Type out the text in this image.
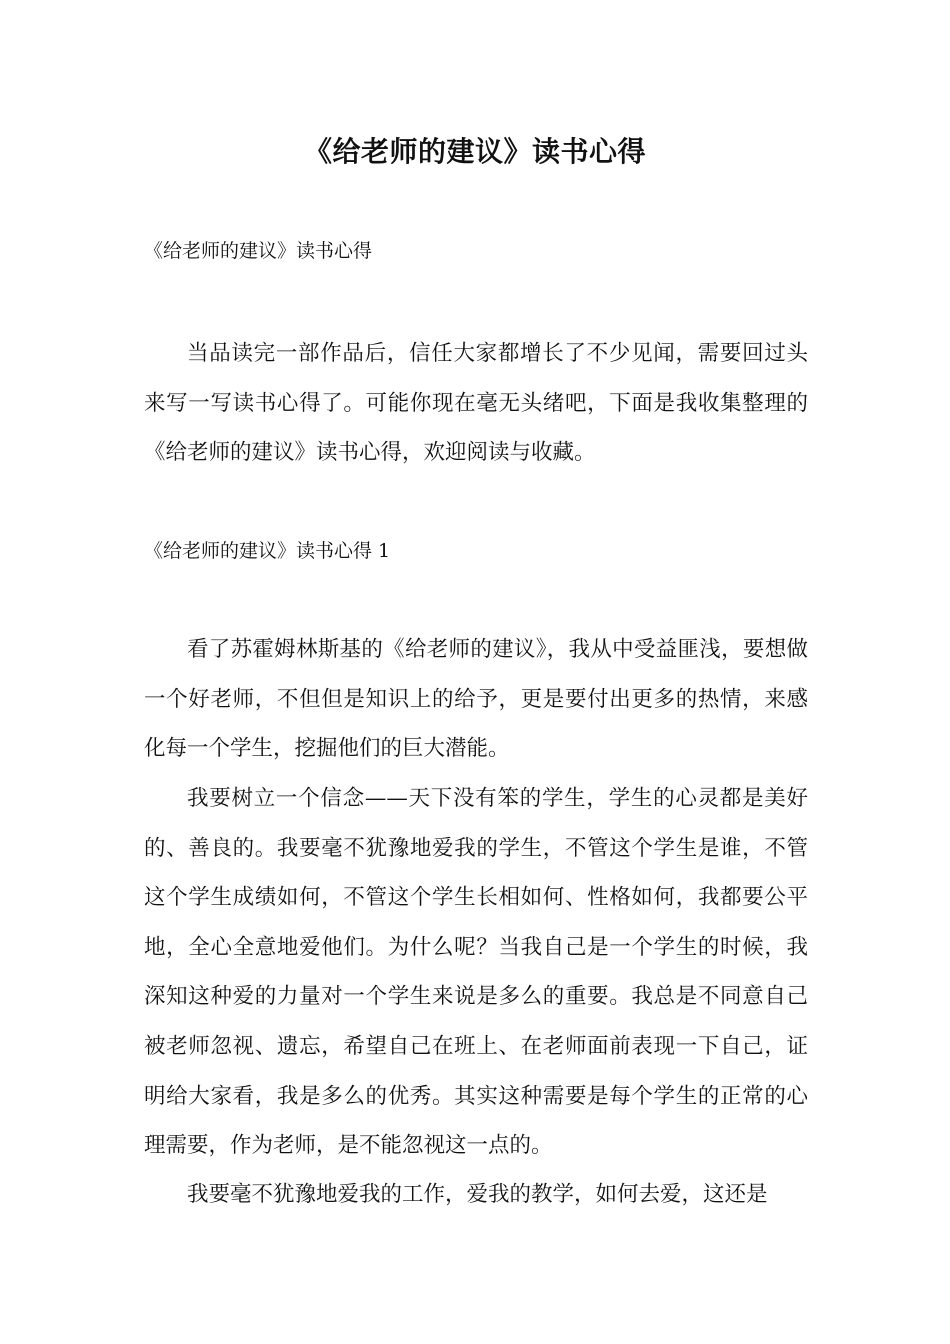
《给老师的建议》读书心得
《给老师的建议》读书心得

当品读完一部作品后，信任大家都增长了不少见闻，需要回过头来写一写读书心得了。可能你现在毫无头绪吧，下面是我收集整理的《给老师的建议》读书心得，欢迎阅读与收藏。

《给老师的建议》读书心得 1

看了苏霍姆林斯基的《给老师的建议》，我从中受益匪浅，要想做一个好老师，不但但是知识上的给予，更是要付出更多的热情，来感化每一个学生，挖掘他们的巨大潜能。

我要树立一个信念——天下没有笨的学生，学生的心灵都是美好的、善良的。我要毫不犹豫地爱我的学生，不管这个学生是谁，不管这个学生成绩如何，不管这个学生长相如何、性格如何，我都要公平地，全心全意地爱他们。为什么呢？当我自己是一个学生的时候，我深知这种爱的力量对一个学生来说是多么的重要。我总是不同意自己被老师忽视、遗忘，希望自己在班上、在老师面前表现一下自己，证明给大家看，我是多么的优秀。其实这种需要是每个学生的正常的心理需要，作为老师，是不能忽视这一点的。

我要毫不犹豫地爱我的工作，爱我的教学，如何去爱，这还是
